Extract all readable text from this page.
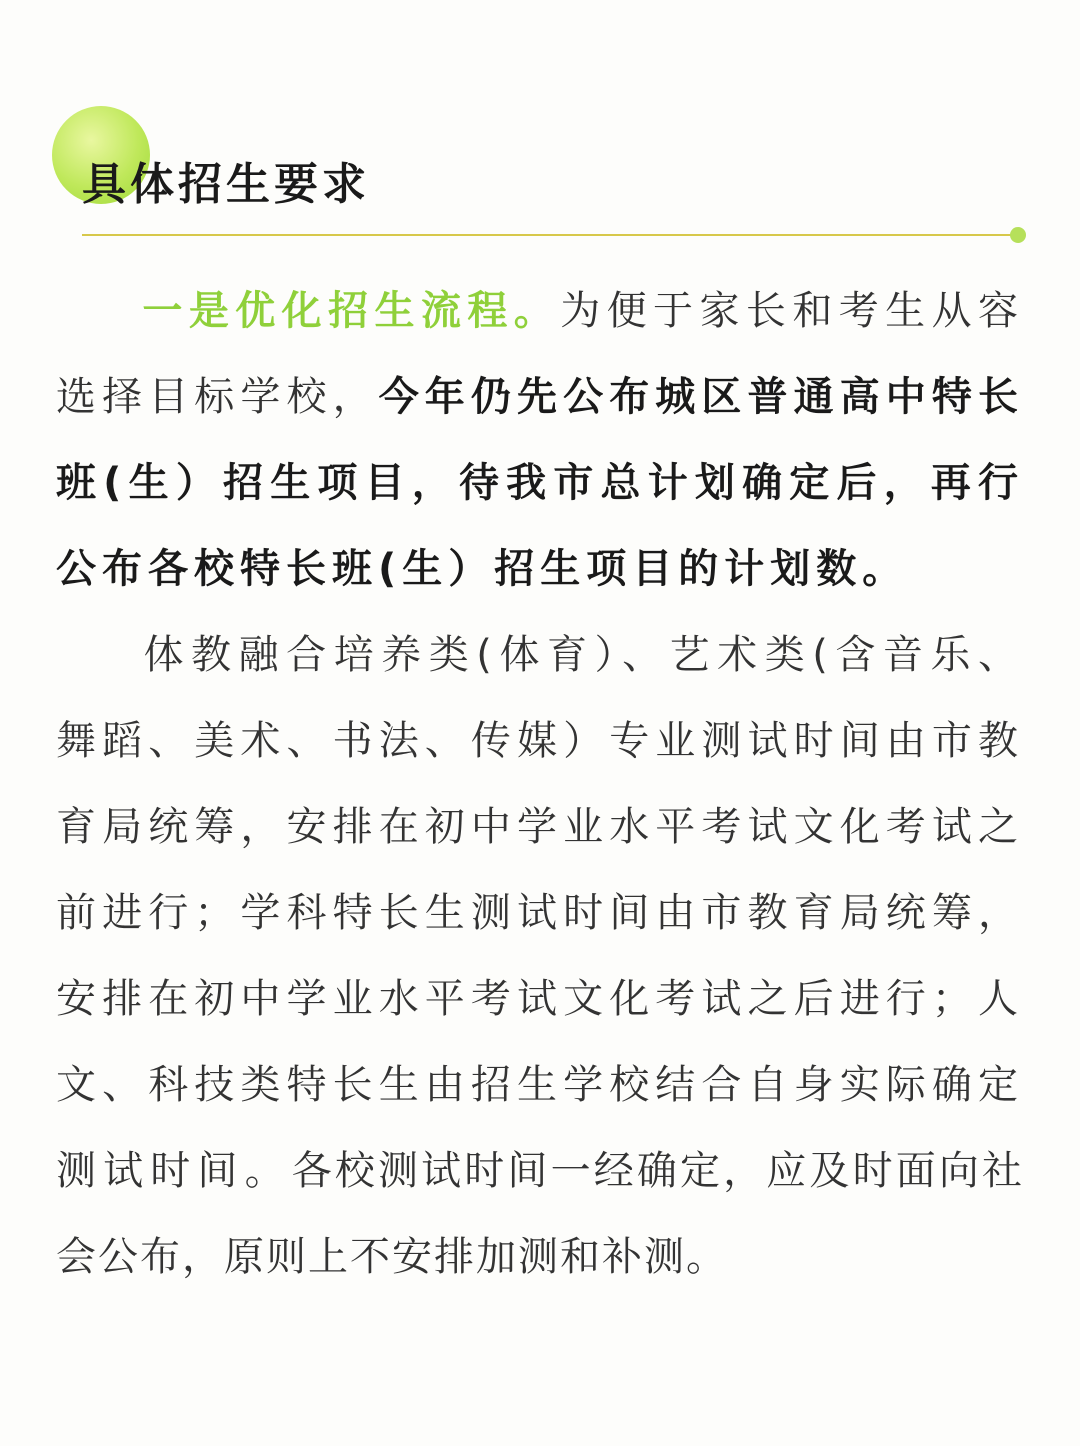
具体招生要求

一是优化招生流程。为便于家长和考生从容选择目标学校，今年仍先公布城区普通高中特长班(生）招生项目，待我市总计划确定后，再行公布各校特长班(生）招生项目的计划数。

体教融合培养类(体育）、艺术类(含音乐、舞蹈、美术、书法、传媒）专业测试时间由市教育局统筹，安排在初中学业水平考试文化考试之前进行；学科特长生测试时间由市教育局统筹，安排在初中学业水平考试文化考试之后进行；人文、科技类特长生由招生学校结合自身实际确定测试时间。各校测试时间一经确定，应及时面向社会公布，原则上不安排加测和补测。
